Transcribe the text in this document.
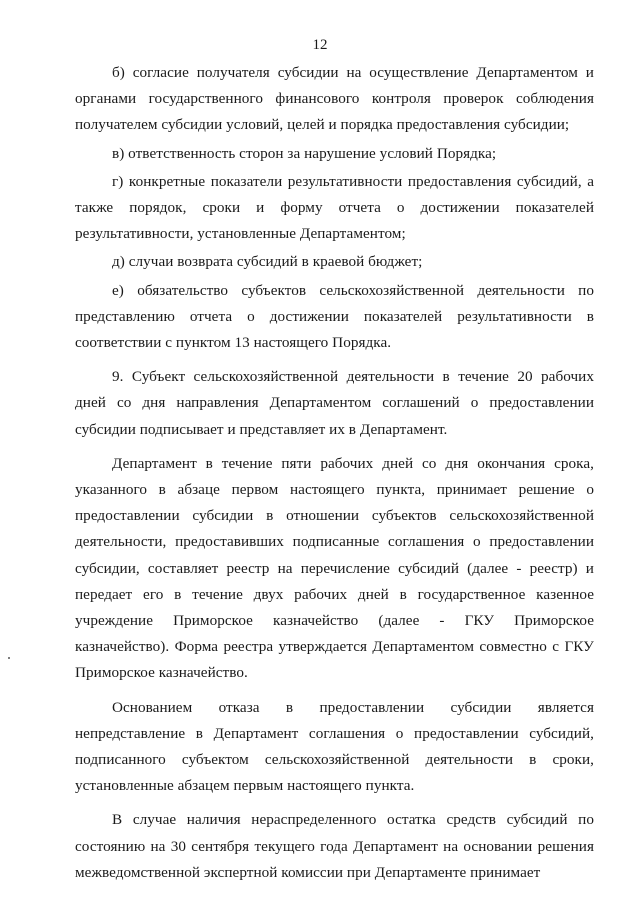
12

б) согласие получателя субсидии на осуществление Департаментом и органами государственного финансового контроля проверок соблюдения получателем субсидии условий, целей и порядка предоставления субсидии;

в) ответственность сторон за нарушение условий Порядка;

г) конкретные показатели результативности предоставления субсидий, а также порядок, сроки и форму отчета о достижении показателей результативности, установленные Департаментом;

д) случаи возврата субсидий в краевой бюджет;

е) обязательство субъектов сельскохозяйственной деятельности по представлению отчета о достижении показателей результативности в соответствии с пунктом 13 настоящего Порядка.

9. Субъект сельскохозяйственной деятельности в течение 20 рабочих дней со дня направления Департаментом соглашений о предоставлении субсидии подписывает и представляет их в Департамент.

Департамент в течение пяти рабочих дней со дня окончания срока, указанного в абзаце первом настоящего пункта, принимает решение о предоставлении субсидии в отношении субъектов сельскохозяйственной деятельности, предоставивших подписанные соглашения о предоставлении субсидии, составляет реестр на перечисление субсидий (далее - реестр) и передает его в течение двух рабочих дней в государственное казенное учреждение Приморское казначейство (далее - ГКУ Приморское казначейство). Форма реестра утверждается Департаментом совместно с ГКУ Приморское казначейство.

Основанием отказа в предоставлении субсидии является непредставление в Департамент соглашения о предоставлении субсидий, подписанного субъектом сельскохозяйственной деятельности в сроки, установленные абзацем первым настоящего пункта.

В случае наличия нераспределенного остатка средств субсидий по состоянию на 30 сентября текущего года Департамент на основании решения межведомственной экспертной комиссии при Департаменте принимает
